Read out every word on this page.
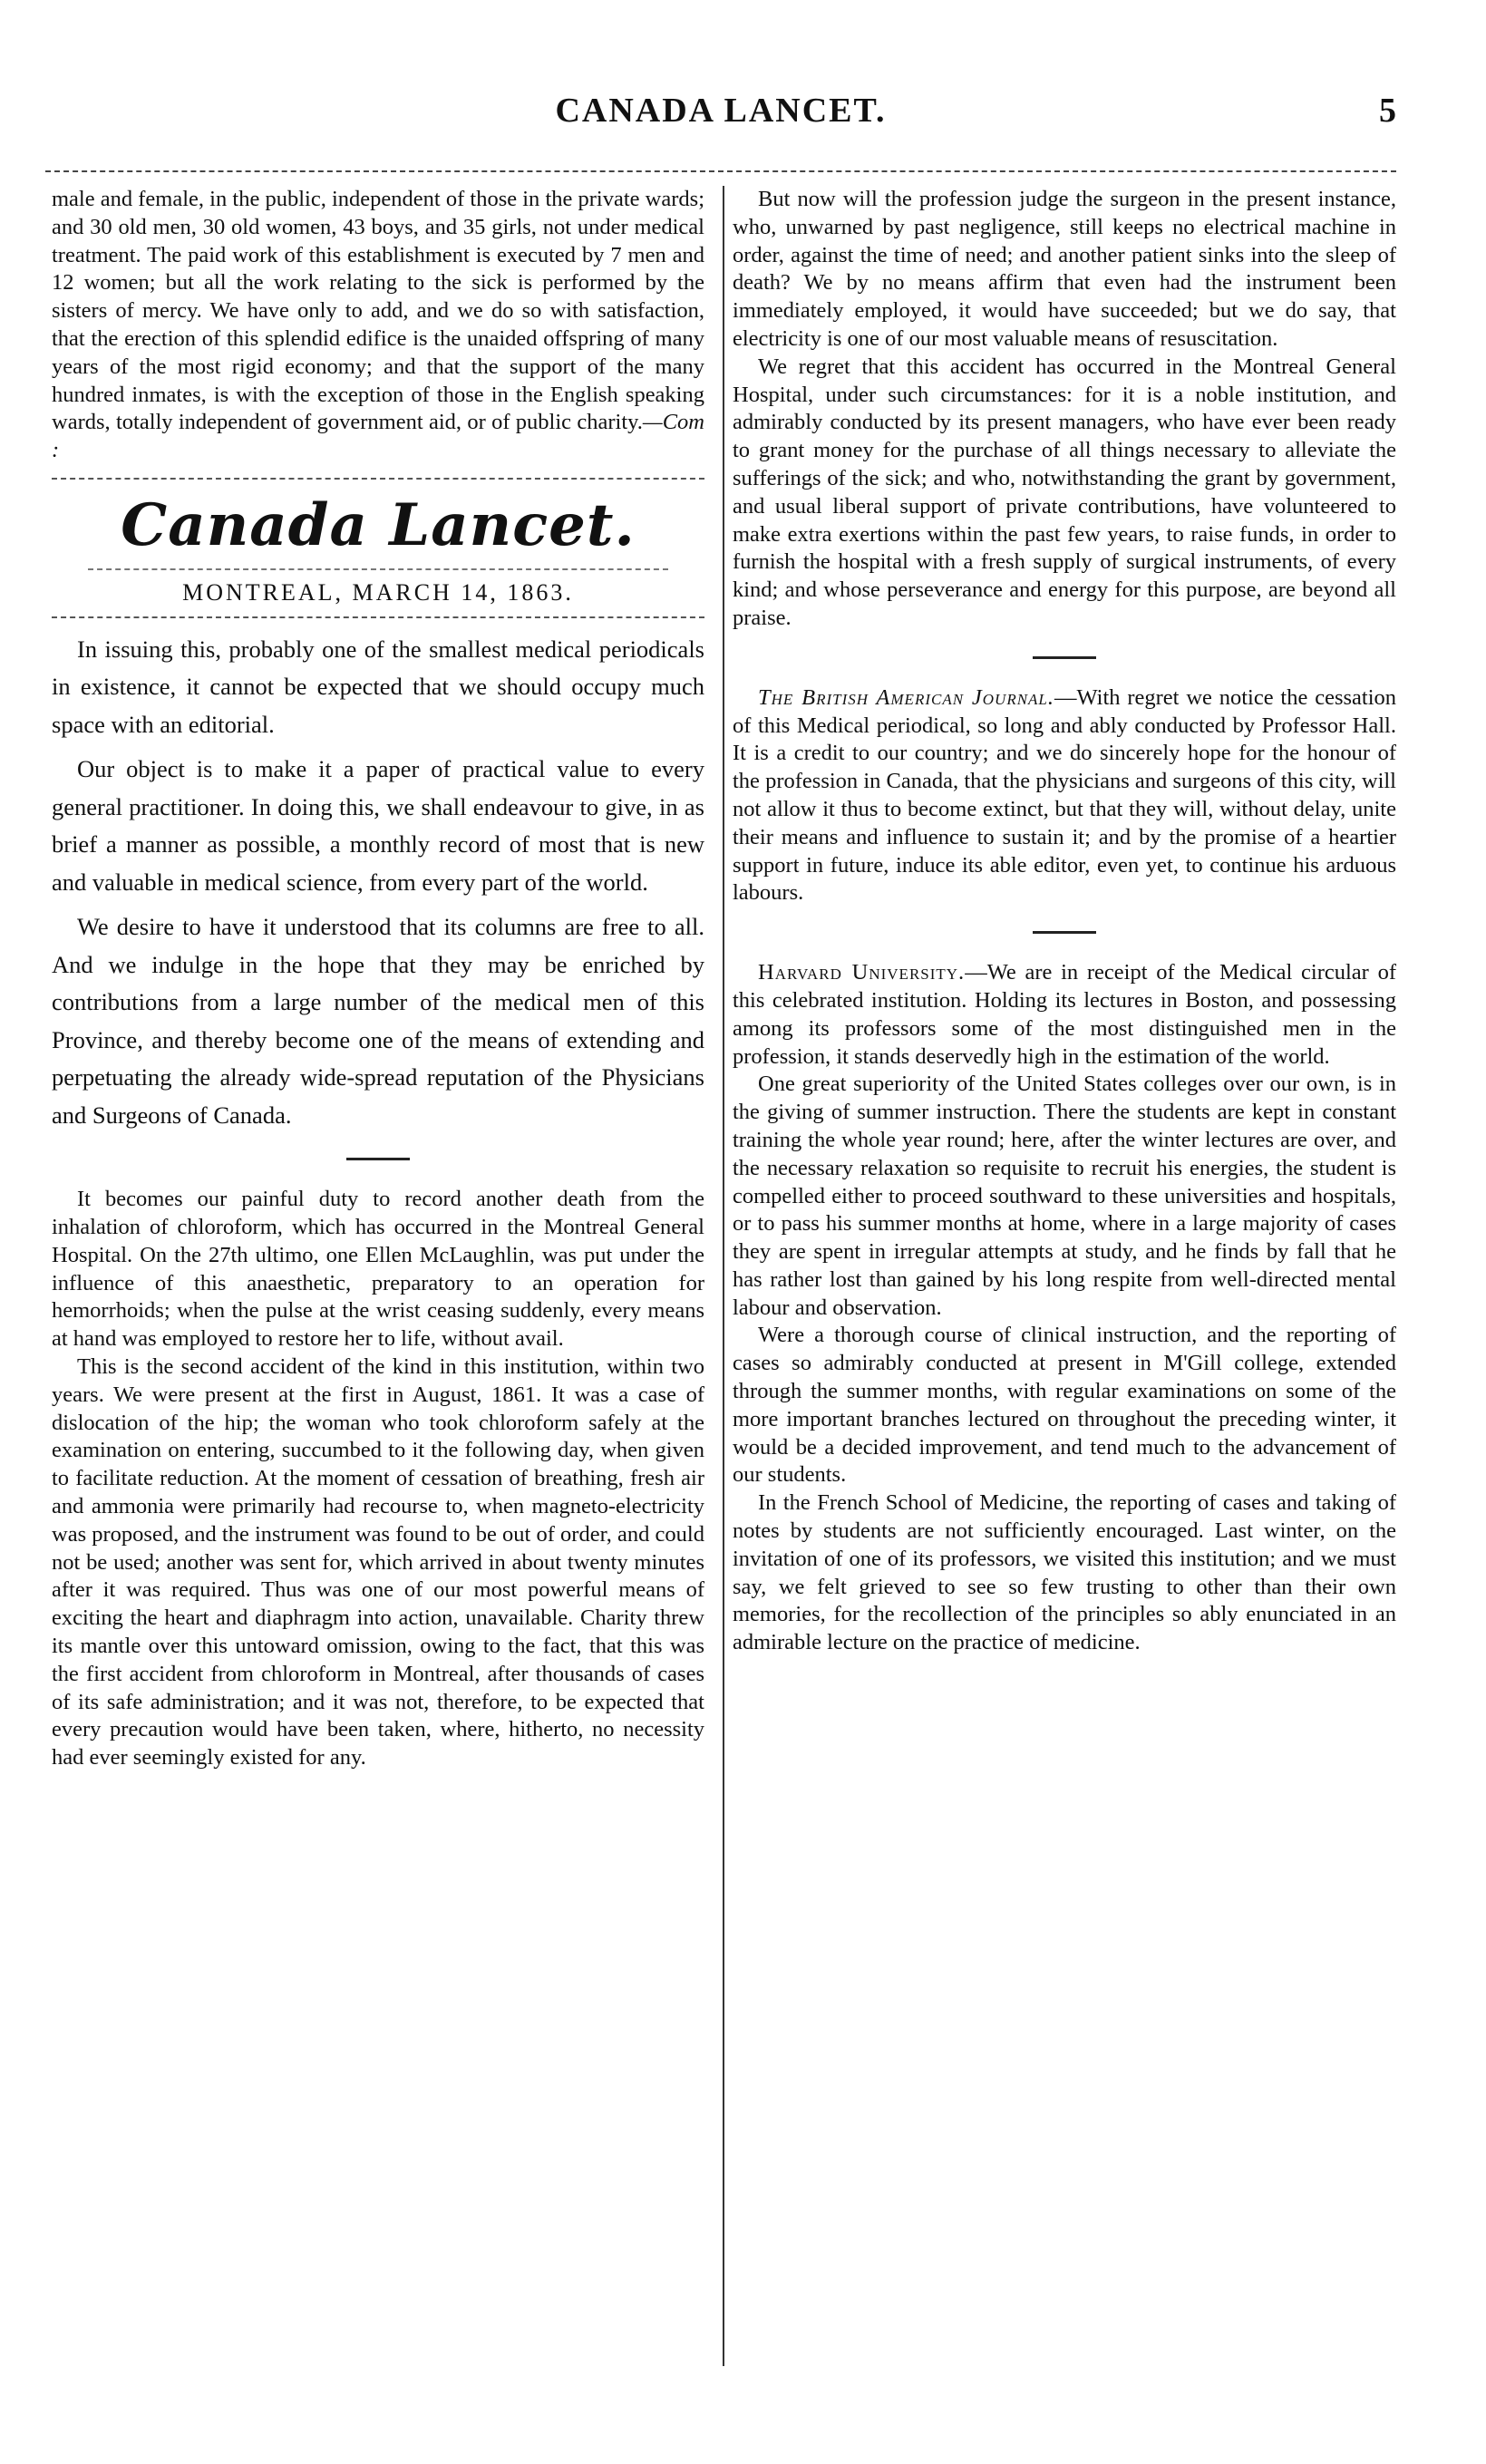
CANADA LANCET.	5

male and female, in the public, independent of those in the private wards; and 30 old men, 30 old women, 43 boys, and 35 girls, not under medical treatment. The paid work of this establishment is executed by 7 men and 12 women; but all the work relating to the sick is performed by the sisters of mercy. We have only to add, and we do so with satisfaction, that the erection of this splendid edifice is the unaided offspring of many years of the most rigid economy; and that the support of the many hundred inmates, is with the exception of those in the English speaking wards, totally independent of government aid, or of public charity.—Com :

Canada Lancet.
MONTREAL, MARCH 14, 1863.

In issuing this, probably one of the smallest medical periodicals in existence, it cannot be expected that we should occupy much space with an editorial.

Our object is to make it a paper of practical value to every general practitioner. In doing this, we shall endeavour to give, in as brief a manner as possible, a monthly record of most that is new and valuable in medical science, from every part of the world.

We desire to have it understood that its columns are free to all. And we indulge in the hope that they may be enriched by contributions from a large number of the medical men of this Province, and thereby become one of the means of extending and perpetuating the already wide-spread reputation of the Physicians and Surgeons of Canada.

It becomes our painful duty to record another death from the inhalation of chloroform, which has occurred in the Montreal General Hospital. On the 27th ultimo, one Ellen McLaughlin, was put under the influence of this anaesthetic, preparatory to an operation for hemorrhoids; when the pulse at the wrist ceasing suddenly, every means at hand was employed to restore her to life, without avail.

This is the second accident of the kind in this institution, within two years. We were present at the first in August, 1861. It was a case of dislocation of the hip; the woman who took chloroform safely at the examination on entering, succumbed to it the following day, when given to facilitate reduction. At the moment of cessation of breathing, fresh air and ammonia were primarily had recourse to, when magneto-electricity was proposed, and the instrument was found to be out of order, and could not be used; another was sent for, which arrived in about twenty minutes after it was required. Thus was one of our most powerful means of exciting the heart and diaphragm into action, unavailable. Charity threw its mantle over this untoward omission, owing to the fact, that this was the first accident from chloroform in Montreal, after thousands of cases of its safe administration; and it was not, therefore, to be expected that every precaution would have been taken, where, hitherto, no necessity had ever seemingly existed for any.

But now will the profession judge the surgeon in the present instance, who, unwarned by past negligence, still keeps no electrical machine in order, against the time of need; and another patient sinks into the sleep of death? We by no means affirm that even had the instrument been immediately employed, it would have succeeded; but we do say, that electricity is one of our most valuable means of resuscitation.

We regret that this accident has occurred in the Montreal General Hospital, under such circumstances: for it is a noble institution, and admirably conducted by its present managers, who have ever been ready to grant money for the purchase of all things necessary to alleviate the sufferings of the sick; and who, notwithstanding the grant by government, and usual liberal support of private contributions, have volunteered to make extra exertions within the past few years, to raise funds, in order to furnish the hospital with a fresh supply of surgical instruments, of every kind; and whose perseverance and energy for this purpose, are beyond all praise.

The British American Journal.—With regret we notice the cessation of this Medical periodical, so long and ably conducted by Professor Hall. It is a credit to our country; and we do sincerely hope for the honour of the profession in Canada, that the physicians and surgeons of this city, will not allow it thus to become extinct, but that they will, without delay, unite their means and influence to sustain it; and by the promise of a heartier support in future, induce its able editor, even yet, to continue his arduous labours.

Harvard University.—We are in receipt of the Medical circular of this celebrated institution. Holding its lectures in Boston, and possessing among its professors some of the most distinguished men in the profession, it stands deservedly high in the estimation of the world.

One great superiority of the United States colleges over our own, is in the giving of summer instruction. There the students are kept in constant training the whole year round; here, after the winter lectures are over, and the necessary relaxation so requisite to recruit his energies, the student is compelled either to proceed southward to these universities and hospitals, or to pass his summer months at home, where in a large majority of cases they are spent in irregular attempts at study, and he finds by fall that he has rather lost than gained by his long respite from well-directed mental labour and observation.

Were a thorough course of clinical instruction, and the reporting of cases so admirably conducted at present in M'Gill college, extended through the summer months, with regular examinations on some of the more important branches lectured on throughout the preceding winter, it would be a decided improvement, and tend much to the advancement of our students.

In the French School of Medicine, the reporting of cases and taking of notes by students are not sufficiently encouraged. Last winter, on the invitation of one of its professors, we visited this institution; and we must say, we felt grieved to see so few trusting to other than their own memories, for the recollection of the principles so ably enunciated in an admirable lecture on the practice of medicine.
